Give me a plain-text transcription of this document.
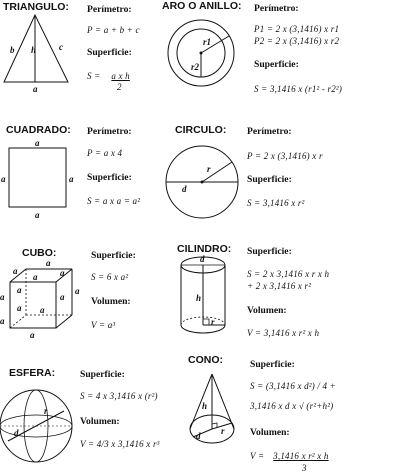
TRIANGULO:
b h	c
a
Perímetro:
P = a + b + c
Superficie:
S = a x h
2
ARO O ANILLO:
r1
r2
Perímetro:
P1 = 2 x (3,1416) x r1
P2 = 2 x (3,1416) x r2
Superficie:
S = 3,1416 x (r1² - r2²)
CUADRADO:
a
a	a
a
Perímetro:
P = a x 4
Superficie:
S = a x a = a²
CIRCULO:
r
d
Perímetro:
P = 2 x (3,1416) x r
Superficie:
S = 3,1416 x r²
CUBO:
a
a
a
a
a
a
a
a
a a
a
a
Superficie:
S = 6 x a²
Volumen:
V = a³
CILINDRO:
d
h
r
Superficie:
S = 2 x 3,1416 x r x h
+ 2 x 3,1416 x r²
Volumen:
V = 3,1416 x r² x h
ESFERA:
r
d
Superficie:
S = 4 x 3,1416 x (r²)
Volumen:
V = 4/3 x 3,1416 x r³
CONO:
h
d r
Superficie:
S = (3,1416 x d²) / 4 +
3,1416 x d x √ (r²+h²)
Volumen:
V = 3,1416 x r² x h
3
